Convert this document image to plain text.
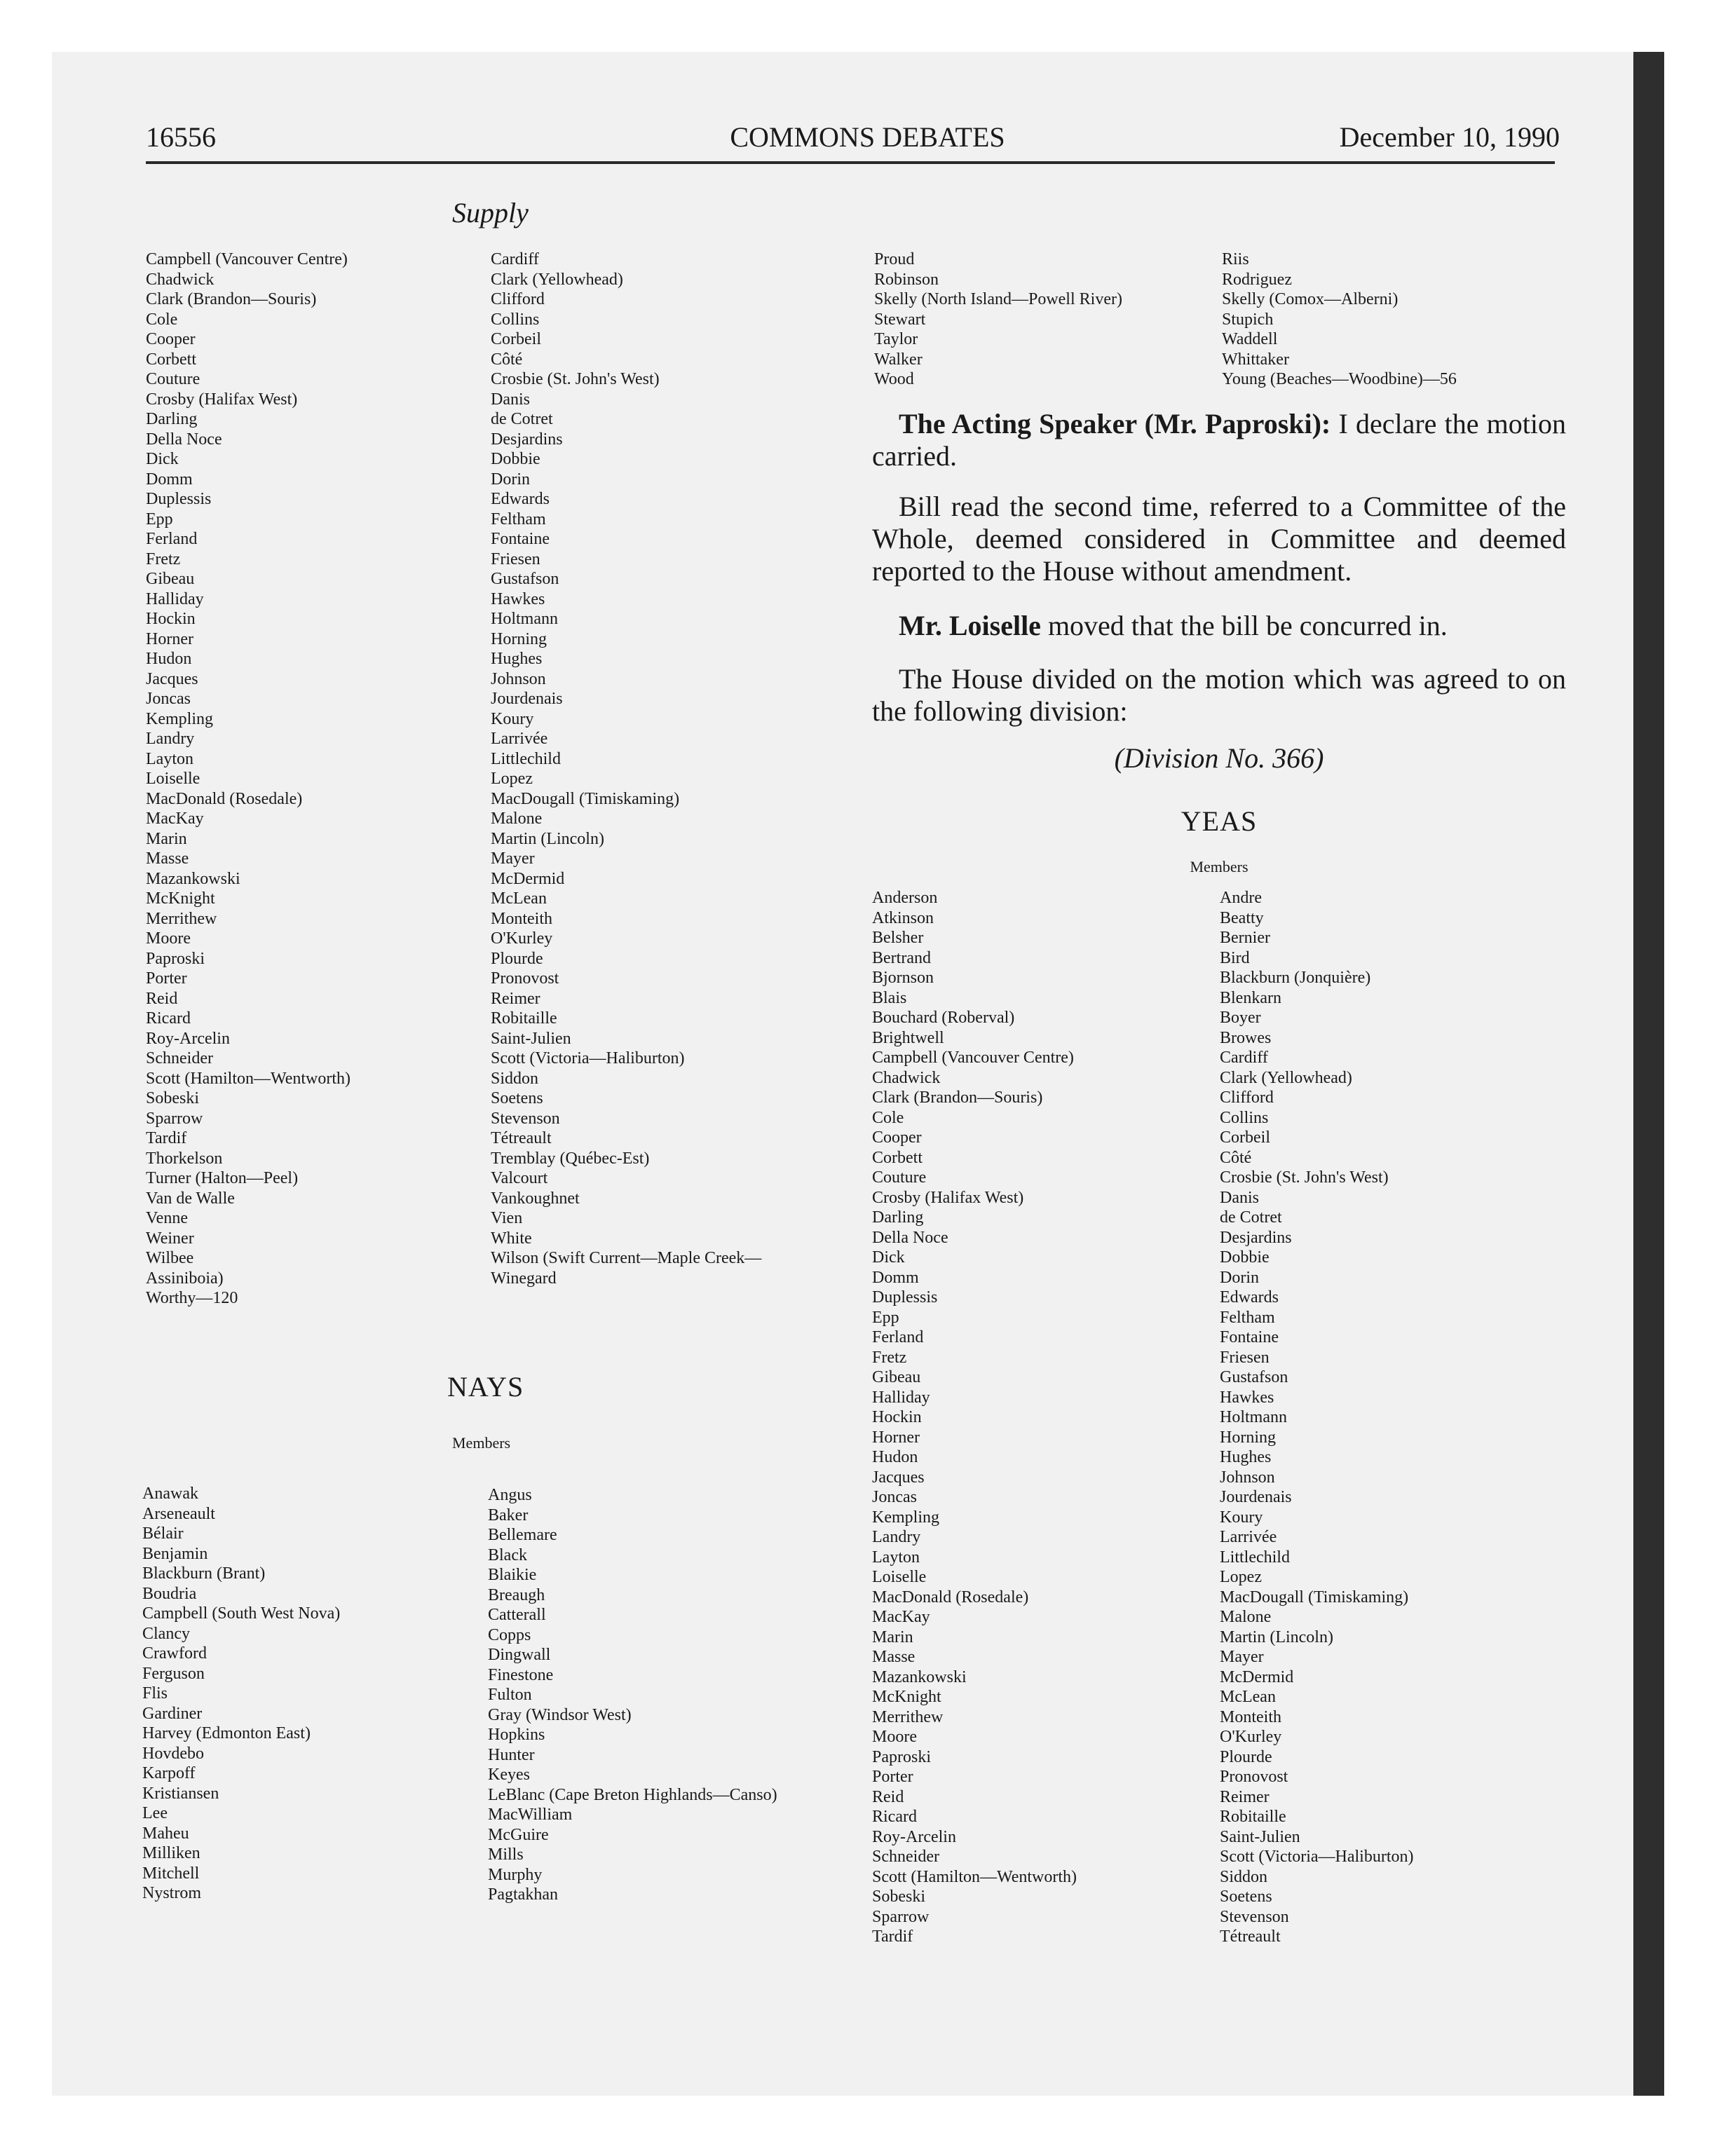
16556	COMMONS DEBATES	December 10, 1990
Supply
Campbell (Vancouver Centre)
Chadwick
Clark (Brandon—Souris)
Cole
Cooper
Corbett
Couture
Crosby (Halifax West)
Darling
Della Noce
Dick
Domm
Duplessis
Epp
Ferland
Fretz
Gibeau
Halliday
Hockin
Horner
Hudon
Jacques
Joncas
Kempling
Landry
Layton
Loiselle
MacDonald (Rosedale)
MacKay
Marin
Masse
Mazankowski
McKnight
Merrithew
Moore
Paproski
Porter
Reid
Ricard
Roy-Arcelin
Schneider
Scott (Hamilton—Wentworth)
Sobeski
Sparrow
Tardif
Thorkelson
Turner (Halton—Peel)
Van de Walle
Venne
Weiner
Wilbee
Assiniboia)
Worthy—120
Cardiff
Clark (Yellowhead)
Clifford
Collins
Corbeil
Côté
Crosbie (St. John's West)
Danis
de Cotret
Desjardins
Dobbie
Dorin
Edwards
Feltham
Fontaine
Friesen
Gustafson
Hawkes
Holtmann
Horning
Hughes
Johnson
Jourdenais
Koury
Larrivée
Littlechild
Lopez
MacDougall (Timiskaming)
Malone
Martin (Lincoln)
Mayer
McDermid
McLean
Monteith
O'Kurley
Plourde
Pronovost
Reimer
Robitaille
Saint-Julien
Scott (Victoria—Haliburton)
Siddon
Soetens
Stevenson
Tétreault
Tremblay (Québec-Est)
Valcourt
Vankoughnet
Vien
White
Wilson (Swift Current—Maple Creek—
Winegard
NAYS
Members
Anawak
Arseneault
Bélair
Benjamin
Blackburn (Brant)
Boudria
Campbell (South West Nova)
Clancy
Crawford
Ferguson
Flis
Gardiner
Harvey (Edmonton East)
Hovdebo
Karpoff
Kristiansen
Lee
Maheu
Milliken
Mitchell
Nystrom
Angus
Baker
Bellemare
Black
Blaikie
Breaugh
Catterall
Copps
Dingwall
Finestone
Fulton
Gray (Windsor West)
Hopkins
Hunter
Keyes
LeBlanc (Cape Breton Highlands—Canso)
MacWilliam
McGuire
Mills
Murphy
Pagtakhan
Proud
Robinson
Skelly (North Island—Powell River)
Stewart
Taylor
Walker
Wood
Riis
Rodriguez
Skelly (Comox—Alberni)
Stupich
Waddell
Whittaker
Young (Beaches—Woodbine)—56

The Acting Speaker (Mr. Paproski): I declare the motion carried.

Bill read the second time, referred to a Committee of the Whole, deemed considered in Committee and deemed reported to the House without amendment.

Mr. Loiselle moved that the bill be concurred in.

The House divided on the motion which was agreed to on the following division:

(Division No. 366)
YEAS
Members
Anderson
Atkinson
Belsher
Bertrand
Bjornson
Blais
Bouchard (Roberval)
Brightwell
Campbell (Vancouver Centre)
Chadwick
Clark (Brandon—Souris)
Cole
Cooper
Corbett
Couture
Crosby (Halifax West)
Darling
Della Noce
Dick
Domm
Duplessis
Epp
Ferland
Fretz
Gibeau
Halliday
Hockin
Horner
Hudon
Jacques
Joncas
Kempling
Landry
Layton
Loiselle
MacDonald (Rosedale)
MacKay
Marin
Masse
Mazankowski
McKnight
Merrithew
Moore
Paproski
Porter
Reid
Ricard
Roy-Arcelin
Schneider
Scott (Hamilton—Wentworth)
Sobeski
Sparrow
Tardif
Andre
Beatty
Bernier
Bird
Blackburn (Jonquière)
Blenkarn
Boyer
Browes
Cardiff
Clark (Yellowhead)
Clifford
Collins
Corbeil
Côté
Crosbie (St. John's West)
Danis
de Cotret
Desjardins
Dobbie
Dorin
Edwards
Feltham
Fontaine
Friesen
Gustafson
Hawkes
Holtmann
Horning
Hughes
Johnson
Jourdenais
Koury
Larrivée
Littlechild
Lopez
MacDougall (Timiskaming)
Malone
Martin (Lincoln)
Mayer
McDermid
McLean
Monteith
O'Kurley
Plourde
Pronovost
Reimer
Robitaille
Saint-Julien
Scott (Victoria—Haliburton)
Siddon
Soetens
Stevenson
Tétreault
